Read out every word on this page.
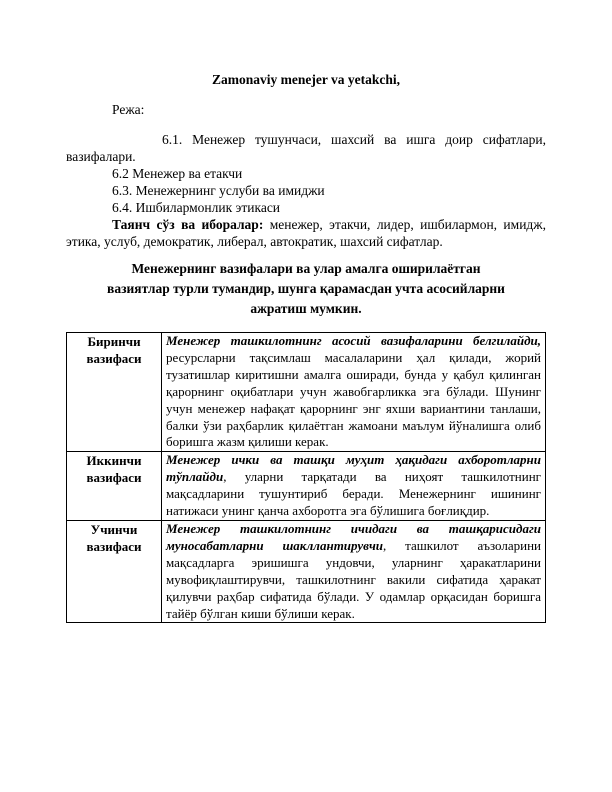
Zamonaviy menejer va yetakchi,
Режа:
6.1. Менежер тушунчаси, шахсий ва ишга доир сифатлари,
вазифалари.
6.2 Менежер ва етакчи
6.3. Менежернинг услуби ва имиджи
6.4. Ишбилармонлик этикаси
Таянч сўз ва иборалар: менежер, этакчи, лидер, ишбилармон, имидж,
этика, услуб, демократик, либерал, автократик, шахсий сифатлар.
Менежернинг вазифалари ва улар амалга оширилаётган
вазиятлар турли тумандир, шунга қарамасдан учта асосийларни
ажратиш мумкин.
Биринчи
вазифаси	Менежер ташкилотнинг асосий вазифаларини белгилайди, ресурсларни тақсимлаш масалаларини ҳал қилади, жорий тузатишлар киритишни амалга оширади, бунда у қабул қилинган қарорнинг оқибатлари учун жавобгарликка эга бўлади. Шунинг учун менежер нафақат қарорнинг энг яхши вариантини танлаши, балки ўзи раҳбарлик қилаётган жамоани маълум йўналишга олиб боришга жазм қилиши керак.

Иккинчи
вазифаси	Менежер ички ва ташқи муҳит ҳақидаги ахборотларни тўплайди, уларни тарқатади ва ниҳоят ташкилотнинг мақсадларини тушунтириб беради. Менежернинг ишининг натижаси унинг қанча ахборотга эга бўлишига боғлиқдир.

Учинчи
вазифаси	Менежер ташкилотнинг ичидаги ва ташқарисидаги муносабатларни шакллантирувчи, ташкилот аъзоларини мақсадларга эришишга ундовчи, уларнинг ҳаракатларини мувофиқлаштирувчи, ташкилотнинг вакили сифатида ҳаракат қилувчи раҳбар сифатида бўлади. У одамлар орқасидан боришга тайёр бўлган киши бўлиши керак.
